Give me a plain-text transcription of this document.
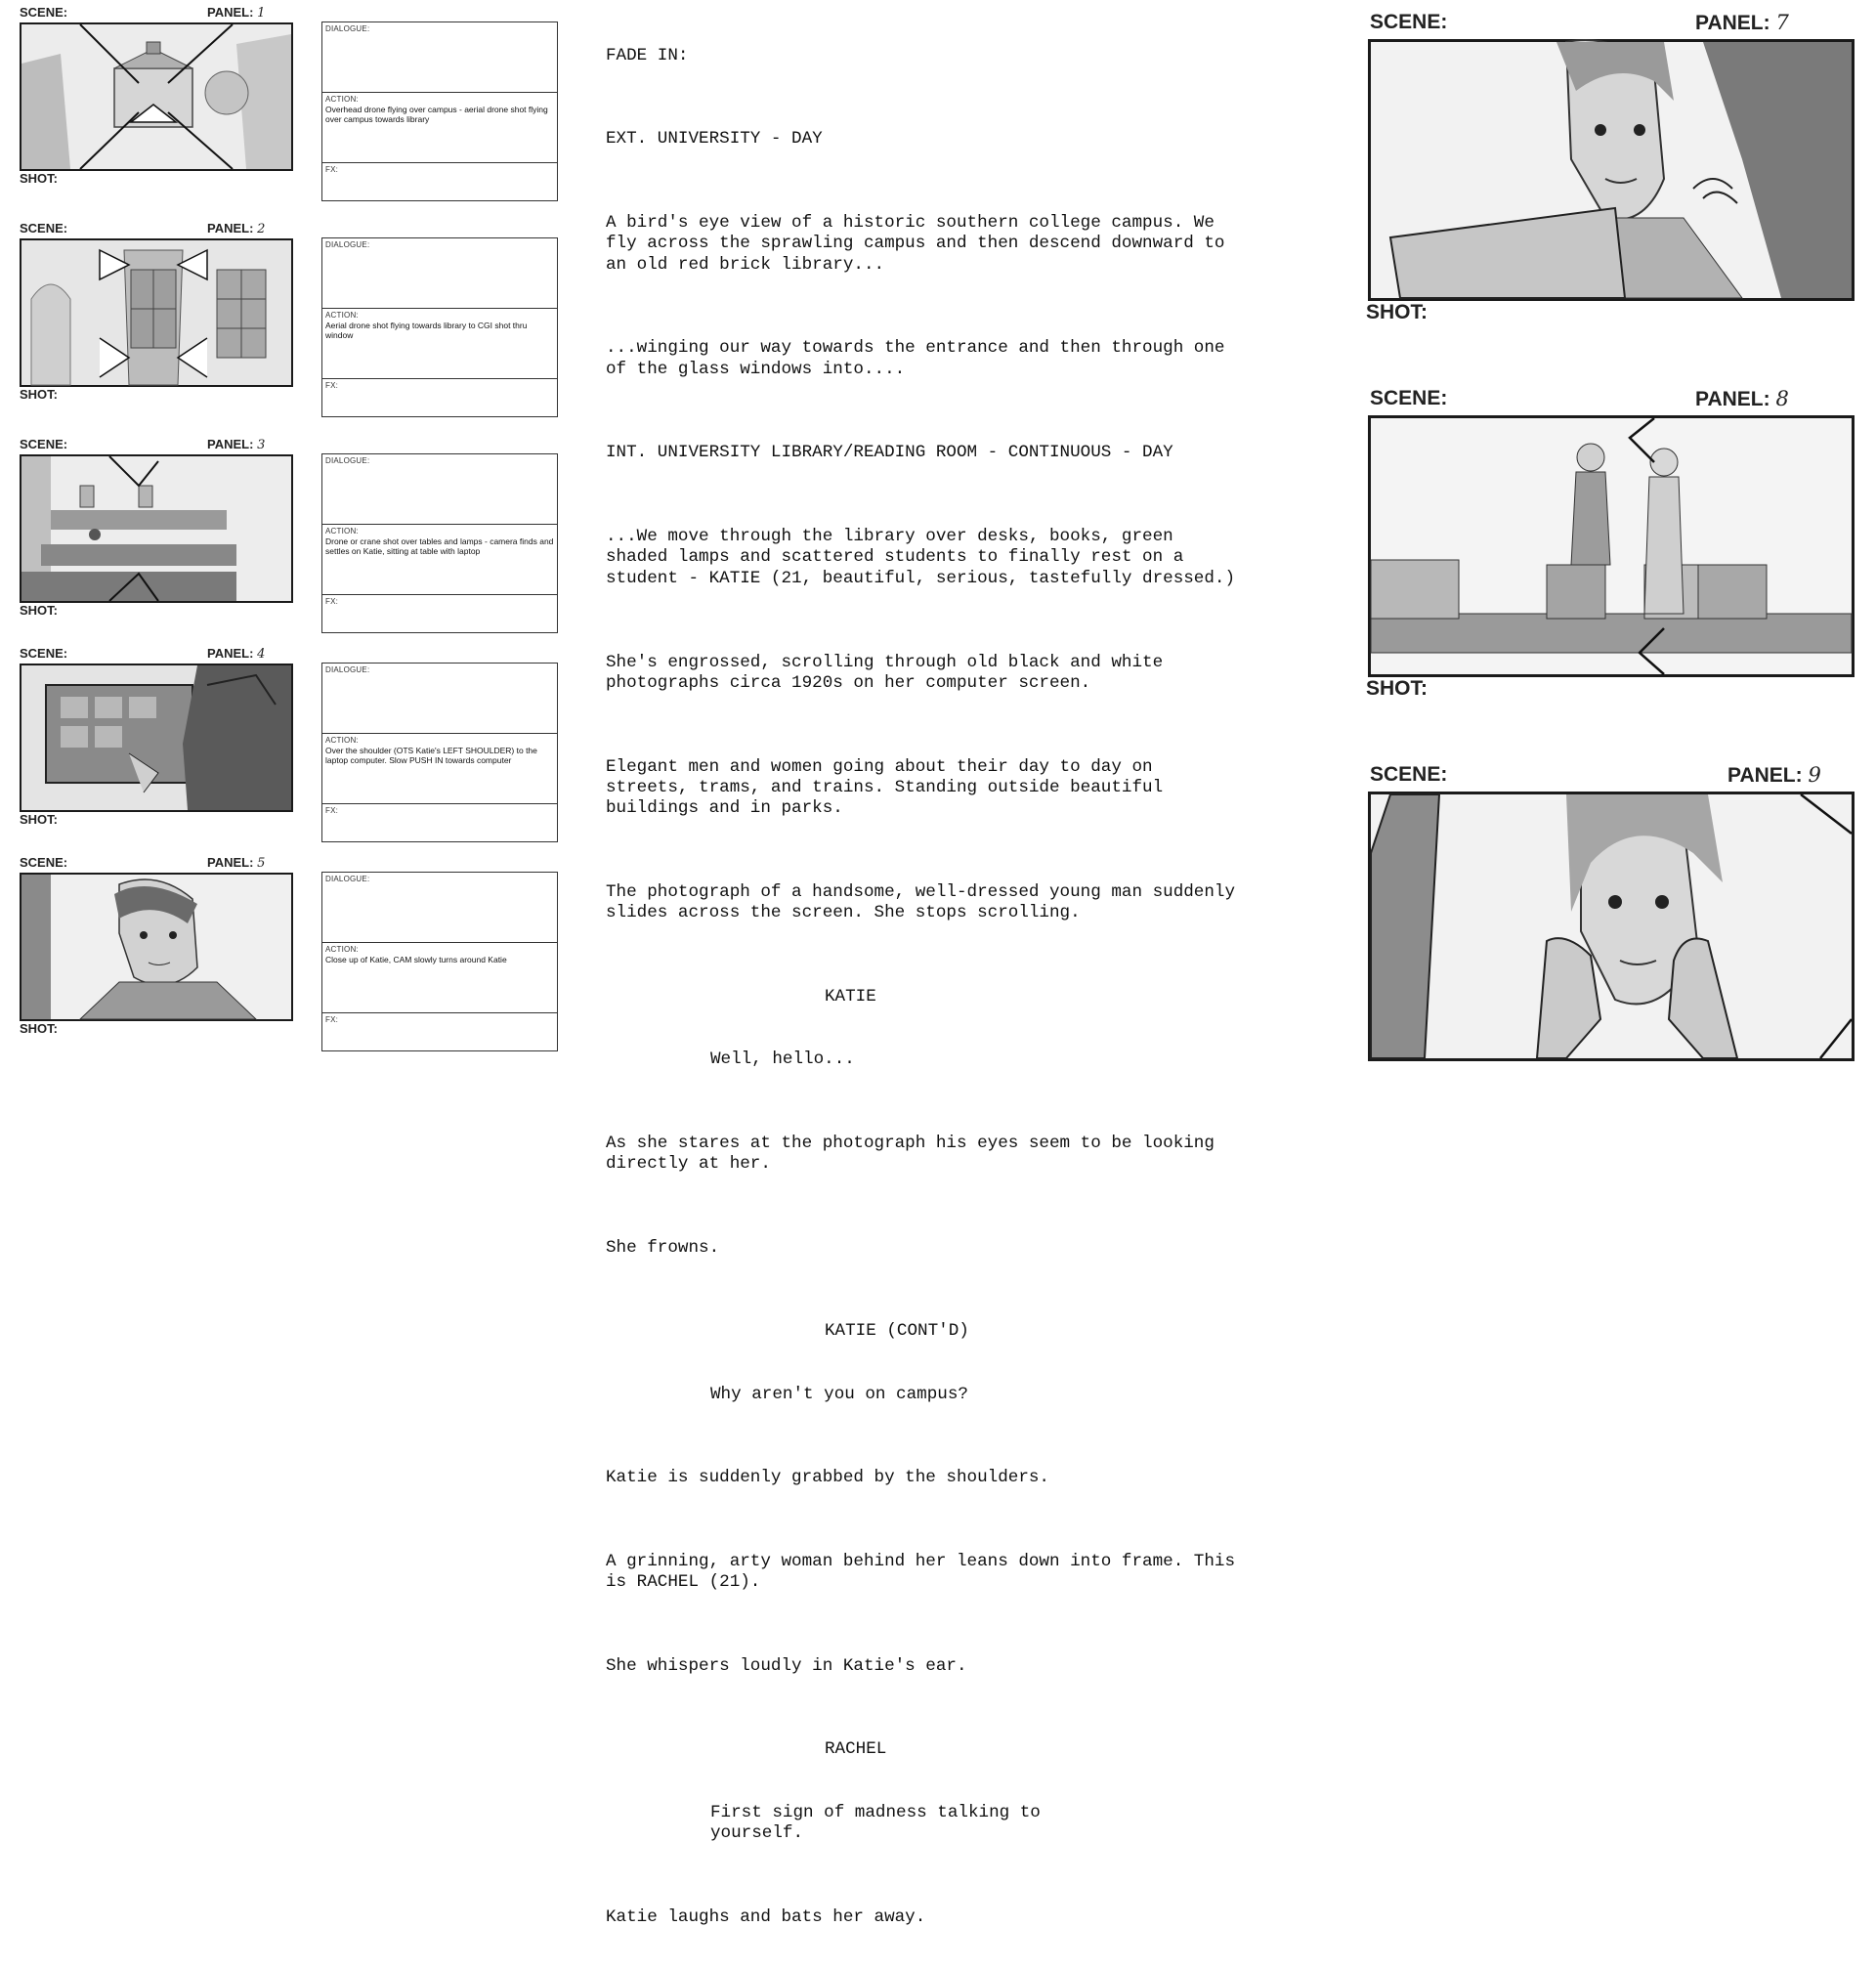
SCENE:	PANEL: 1
SHOT:
DIALOGUE:
ACTION:
Overhead drone flying over campus - aerial drone shot flying over campus towards library
FX:
SCENE:	PANEL: 2
SHOT:
DIALOGUE:
ACTION:
Aerial drone shot flying towards library to CGI shot thru window
FX:
SCENE:	PANEL: 3
SHOT:
DIALOGUE:
ACTION:
Drone or crane shot over tables and lamps - camera finds and settles on Katie, sitting at table with laptop
FX:
SCENE:	PANEL: 4
SHOT:
DIALOGUE:
ACTION:
Over the shoulder (OTS Katie's LEFT SHOULDER) to the laptop computer. Slow PUSH IN towards computer
FX:
SCENE:	PANEL: 5
SHOT:
DIALOGUE:
ACTION:
Close up of Katie, CAM slowly turns around Katie
FX:

FADE IN:

EXT. UNIVERSITY - DAY

A bird's eye view of a historic southern college campus. We
fly across the sprawling campus and then descend downward to
an old red brick library...

...winging our way towards the entrance and then through one
of the glass windows into....

INT. UNIVERSITY LIBRARY/READING ROOM - CONTINUOUS - DAY

...We move through the library over desks, books, green
shaded lamps and scattered students to finally rest on a
student - KATIE (21, beautiful, serious, tastefully dressed.)

She's engrossed, scrolling through old black and white
photographs circa 1920s on her computer screen.

Elegant men and women going about their day to day on
streets, trams, and trains. Standing outside beautiful
buildings and in parks.

The photograph of a handsome, well-dressed young man suddenly
slides across the screen. She stops scrolling.

KATIE

Well, hello...

As she stares at the photograph his eyes seem to be looking
directly at her.

She frowns.

KATIE (CONT'D)

Why aren't you on campus?

Katie is suddenly grabbed by the shoulders.

A grinning, arty woman behind her leans down into frame. This
is RACHEL (21).

She whispers loudly in Katie's ear.

RACHEL

First sign of madness talking to
yourself.

Katie laughs and bats her away.

SCENE:	PANEL: 7
SHOT:
SCENE:	PANEL: 8
SHOT:
SCENE:	PANEL: 9
